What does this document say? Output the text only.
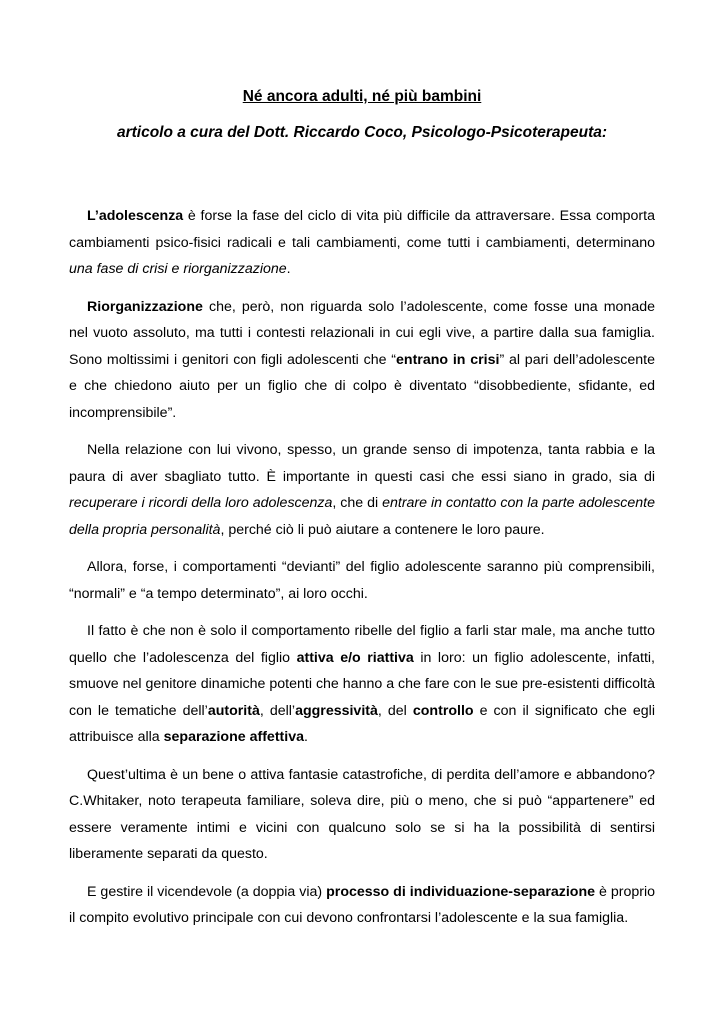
Né ancora adulti, né più bambini
articolo a cura del Dott. Riccardo Coco, Psicologo-Psicoterapeuta:

L’adolescenza è forse la fase del ciclo di vita più difficile da attraversare. Essa comporta cambiamenti psico-fisici radicali e tali cambiamenti, come tutti i cambiamenti, determinano una fase di crisi e riorganizzazione.

Riorganizzazione che, però, non riguarda solo l’adolescente, come fosse una monade nel vuoto assoluto, ma tutti i contesti relazionali in cui egli vive, a partire dalla sua famiglia. Sono moltissimi i genitori con figli adolescenti che “entrano in crisi” al pari dell’adolescente e che chiedono aiuto per un figlio che di colpo è diventato “disobbediente, sfidante, ed incomprensibile”.

Nella relazione con lui vivono, spesso, un grande senso di impotenza, tanta rabbia e la paura di aver sbagliato tutto. È importante in questi casi che essi siano in grado, sia di recuperare i ricordi della loro adolescenza, che di entrare in contatto con la parte adolescente della propria personalità, perché ciò li può aiutare a contenere le loro paure.

Allora, forse, i comportamenti “devianti” del figlio adolescente saranno più comprensibili, “normali” e “a tempo determinato”, ai loro occhi.

Il fatto è che non è solo il comportamento ribelle del figlio a farli star male, ma anche tutto quello che l’adolescenza del figlio attiva e/o riattiva in loro: un figlio adolescente, infatti, smuove nel genitore dinamiche potenti che hanno a che fare con le sue pre-esistenti difficoltà con le tematiche dell’autorità, dell’aggressività, del controllo e con il significato che egli attribuisce alla separazione affettiva.

Quest’ultima è un bene o attiva fantasie catastrofiche, di perdita dell’amore e abbandono? C.Whitaker, noto terapeuta familiare, soleva dire, più o meno, che si può “appartenere” ed essere veramente intimi e vicini con qualcuno solo se si ha la possibilità di sentirsi liberamente separati da questo.

E gestire il vicendevole (a doppia via) processo di individuazione-separazione è proprio il compito evolutivo principale con cui devono confrontarsi l’adolescente e la sua famiglia.
